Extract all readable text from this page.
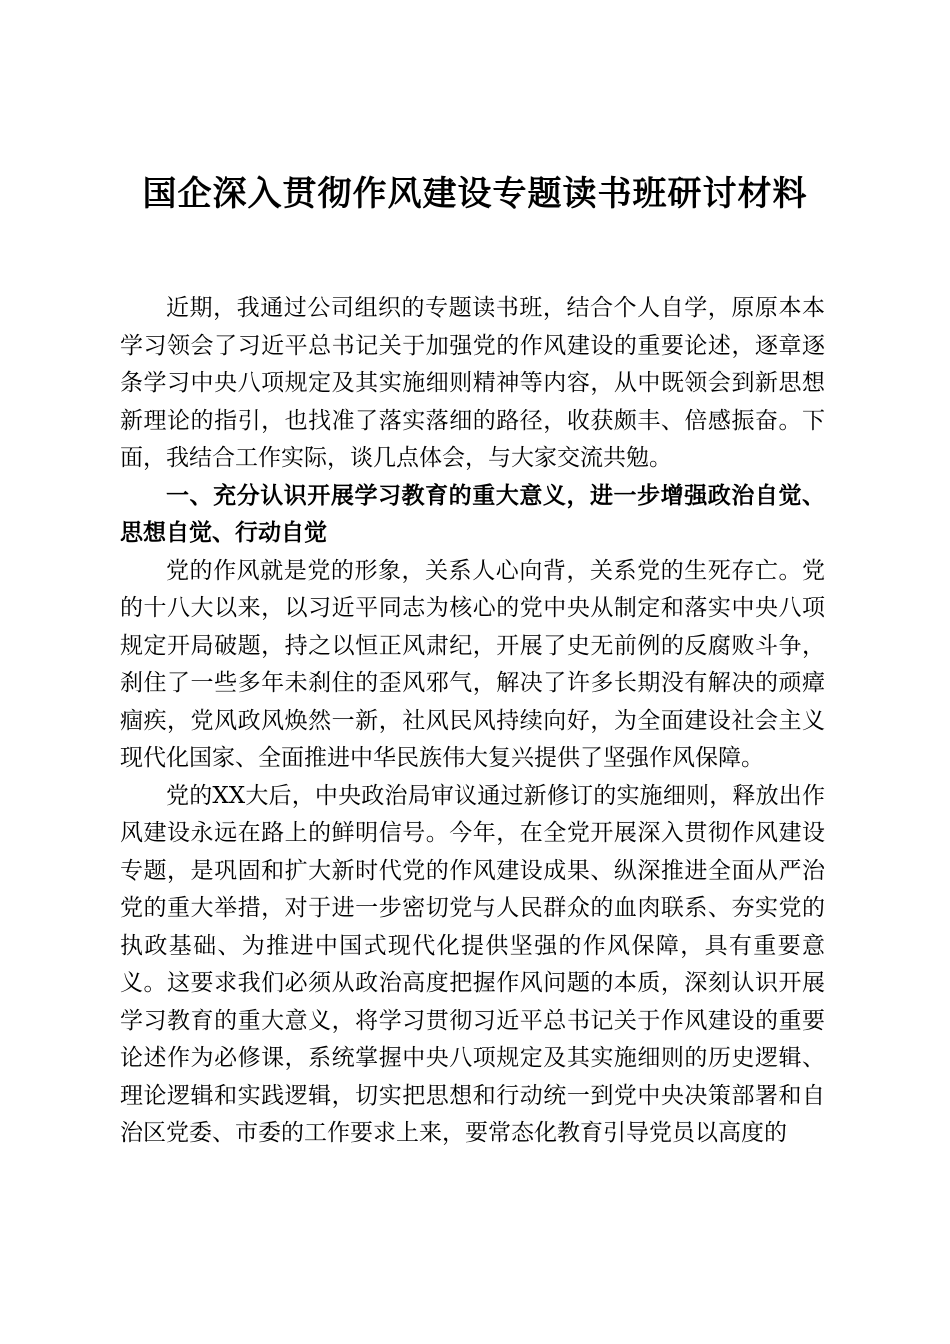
国企深入贯彻作风建设专题读书班研讨材料

近期，我通过公司组织的专题读书班，结合个人自学，原原本本学习领会了习近平总书记关于加强党的作风建设的重要论述，逐章逐条学习中央八项规定及其实施细则精神等内容，从中既领会到新思想新理论的指引，也找准了落实落细的路径，收获颇丰、倍感振奋。下面，我结合工作实际，谈几点体会，与大家交流共勉。

一、充分认识开展学习教育的重大意义，进一步增强政治自觉、思想自觉、行动自觉

党的作风就是党的形象，关系人心向背，关系党的生死存亡。党的十八大以来，以习近平同志为核心的党中央从制定和落实中央八项规定开局破题，持之以恒正风肃纪，开展了史无前例的反腐败斗争，刹住了一些多年未刹住的歪风邪气，解决了许多长期没有解决的顽瘴痼疾，党风政风焕然一新，社风民风持续向好，为全面建设社会主义现代化国家、全面推进中华民族伟大复兴提供了坚强作风保障。

党的XX大后，中央政治局审议通过新修订的实施细则，释放出作风建设永远在路上的鲜明信号。今年，在全党开展深入贯彻作风建设专题，是巩固和扩大新时代党的作风建设成果、纵深推进全面从严治党的重大举措，对于进一步密切党与人民群众的血肉联系、夯实党的执政基础、为推进中国式现代化提供坚强的作风保障，具有重要意义。这要求我们必须从政治高度把握作风问题的本质，深刻认识开展学习教育的重大意义，将学习贯彻习近平总书记关于作风建设的重要论述作为必修课，系统掌握中央八项规定及其实施细则的历史逻辑、理论逻辑和实践逻辑，切实把思想和行动统一到党中央决策部署和自治区党委、市委的工作要求上来，要常态化教育引导党员以高度的
